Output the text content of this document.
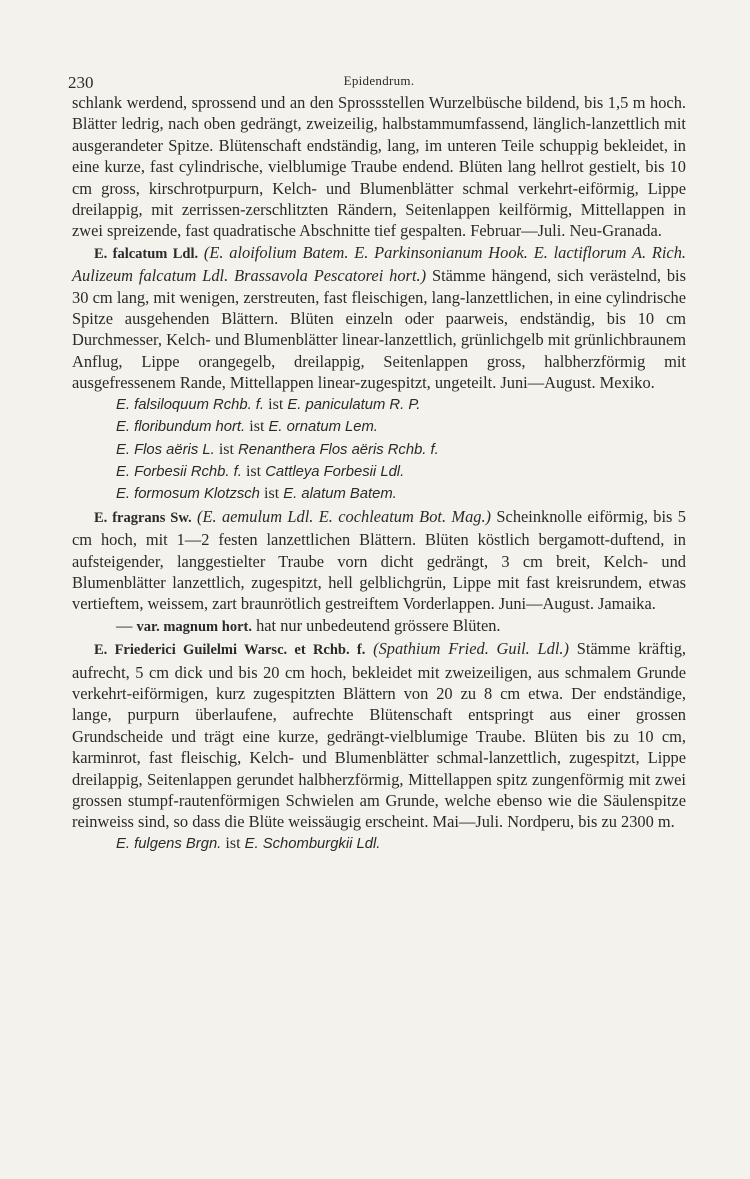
230	Epidendrum.

schlank werdend, sprossend und an den Sprossstellen Wurzelbüsche bildend, bis 1,5 m hoch. Blätter ledrig, nach oben gedrängt, zweizeilig, halbstammumfassend, länglich-lanzettlich mit ausgerandeter Spitze. Blütenschaft endständig, lang, im unteren Teile schuppig bekleidet, in eine kurze, fast cylindrische, vielblumige Traube endend. Blüten lang hellrot gestielt, bis 10 cm gross, kirschrotpurpurn, Kelch- und Blumenblätter schmal verkehrt-eiförmig, Lippe dreilappig, mit zerrissen-zerschlitzten Rändern, Seitenlappen keilförmig, Mittellappen in zwei spreizende, fast quadratische Abschnitte tief gespalten. Februar—Juli. Neu-Granada.

E. falcatum Ldl. (E. aloifolium Batem. E. Parkinsonianum Hook. E. lactiflorum A. Rich. Aulizeum falcatum Ldl. Brassavola Pescatorei hort.) Stämme hängend, sich verästelnd, bis 30 cm lang, mit wenigen, zerstreuten, fast fleischigen, lang-lanzettlichen, in eine cylindrische Spitze ausgehenden Blättern. Blüten einzeln oder paarweis, endständig, bis 10 cm Durchmesser, Kelch- und Blumenblätter linear-lanzettlich, grünlichgelb mit grünlichbraunem Anflug, Lippe orangegelb, dreilappig, Seitenlappen gross, halbherzförmig mit ausgefressenem Rande, Mittellappen linear-zugespitzt, ungeteilt. Juni—August. Mexiko.

E. falsiloquum Rchb. f. ist E. paniculatum R. P.

E. floribundum hort. ist E. ornatum Lem.

E. Flos aëris L. ist Renanthera Flos aëris Rchb. f.

E. Forbesii Rchb. f. ist Cattleya Forbesii Ldl.

E. formosum Klotzsch ist E. alatum Batem.

E. fragrans Sw. (E. aemulum Ldl. E. cochleatum Bot. Mag.) Scheinknolle eiförmig, bis 5 cm hoch, mit 1—2 festen lanzettlichen Blättern. Blüten köstlich bergamott-duftend, in aufsteigender, langgestielter Traube vorn dicht gedrängt, 3 cm breit, Kelch- und Blumenblätter lanzettlich, zugespitzt, hell gelblichgrün, Lippe mit fast kreisrundem, etwas vertieftem, weissem, zart braunrötlich gestreiftem Vorderlappen. Juni—August. Jamaika.

— var. magnum hort. hat nur unbedeutend grössere Blüten.

E. Friederici Guilelmi Warsc. et Rchb. f. (Spathium Fried. Guil. Ldl.) Stämme kräftig, aufrecht, 5 cm dick und bis 20 cm hoch, bekleidet mit zweizeiligen, aus schmalem Grunde verkehrt-eiförmigen, kurz zugespitzten Blättern von 20 zu 8 cm etwa. Der endständige, lange, purpurn überlaufene, aufrechte Blütenschaft entspringt aus einer grossen Grundscheide und trägt eine kurze, gedrängt-vielblumige Traube. Blüten bis zu 10 cm, karminrot, fast fleischig, Kelch- und Blumenblätter schmal-lanzettlich, zugespitzt, Lippe dreilappig, Seitenlappen gerundet halbherzförmig, Mittellappen spitz zungenförmig mit zwei grossen stumpf-rautenförmigen Schwielen am Grunde, welche ebenso wie die Säulenspitze reinweiss sind, so dass die Blüte weissäugig erscheint. Mai—Juli. Nordperu, bis zu 2300 m.

E. fulgens Brgn. ist E. Schomburgkii Ldl.
